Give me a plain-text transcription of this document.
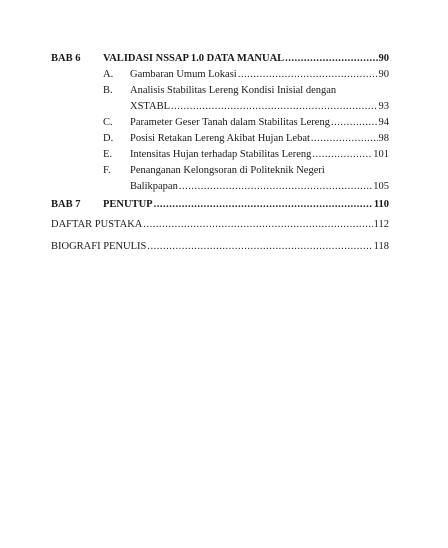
BAB 6 VALIDASI NSSAP 1.0 DATA MANUAL .....	90
A. Gambaran Umum Lokasi .....	90
B. Analisis Stabilitas Lereng Kondisi Inisial dengan
XSTABL .....	93
C. Parameter Geser Tanah dalam Stabilitas Lereng .....	94
D. Posisi Retakan Lereng Akibat Hujan Lebat .....	98
E. Intensitas Hujan terhadap Stabilitas Lereng .....	101
F. Penanganan Kelongsoran di Politeknik Negeri
Balikpapan .....	105
BAB 7 PENUTUP .....	110
DAFTAR PUSTAKA .....	112
BIOGRAFI PENULIS .....	118
